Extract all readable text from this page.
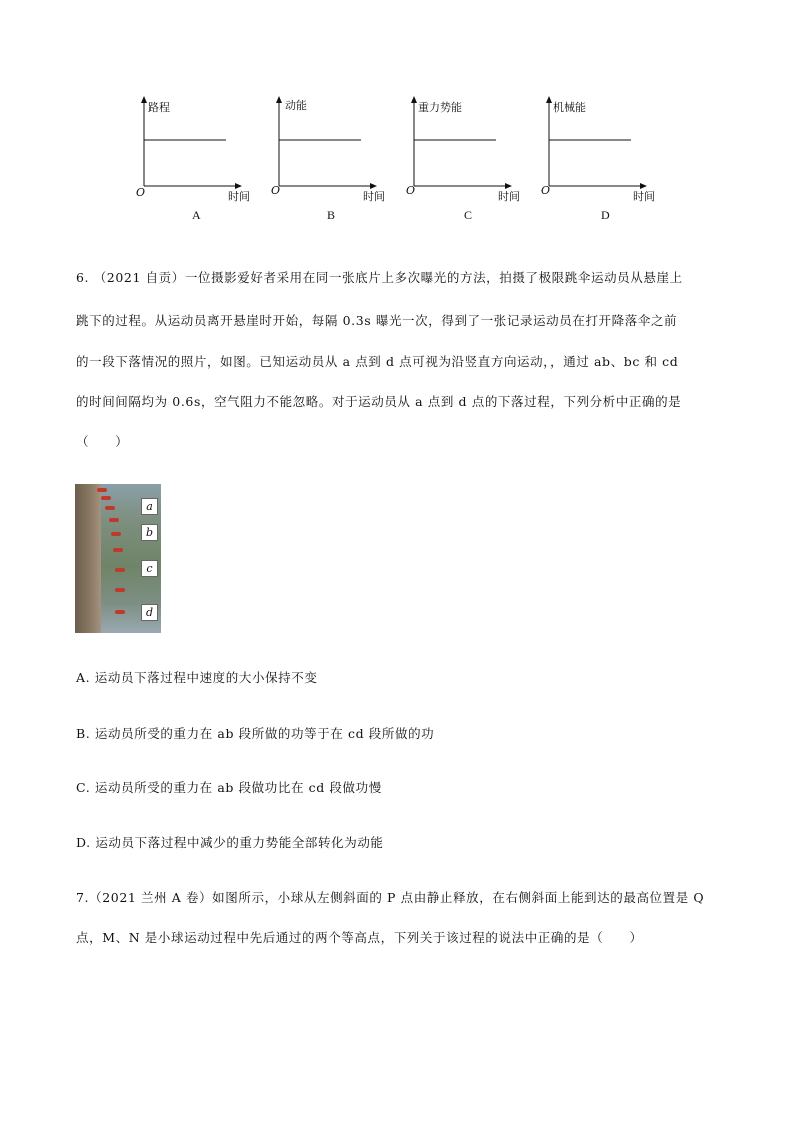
路程
O	时间
A
动能
O	时间
B
重力势能
O	时间
C
机械能
O	时间
D
6. （2021 自贡）一位摄影爱好者采用在同一张底片上多次曝光的方法，拍摄了极限跳伞运动员从悬崖上
跳下的过程。从运动员离开悬崖时开始，每隔 0.3s 曝光一次，得到了一张记录运动员在打开降落伞之前
的一段下落情况的照片，如图。已知运动员从 a 点到 d 点可视为沿竖直方向运动，，通过 ab、bc 和 cd
的时间间隔均为 0.6s，空气阻力不能忽略。对于运动员从 a 点到 d 点的下落过程，下列分析中正确的是
（　　）
a
b
c
d
A. 运动员下落过程中速度的大小保持不变
B. 运动员所受的重力在 ab 段所做的功等于在 cd 段所做的功
C. 运动员所受的重力在 ab 段做功比在 cd 段做功慢
D. 运动员下落过程中减少的重力势能全部转化为动能
7.（2021 兰州 A 卷）如图所示，小球从左侧斜面的 P 点由静止释放，在右侧斜面上能到达的最高位置是 Q
点，M、N 是小球运动过程中先后通过的两个等高点，下列关于该过程的说法中正确的是（　　）
